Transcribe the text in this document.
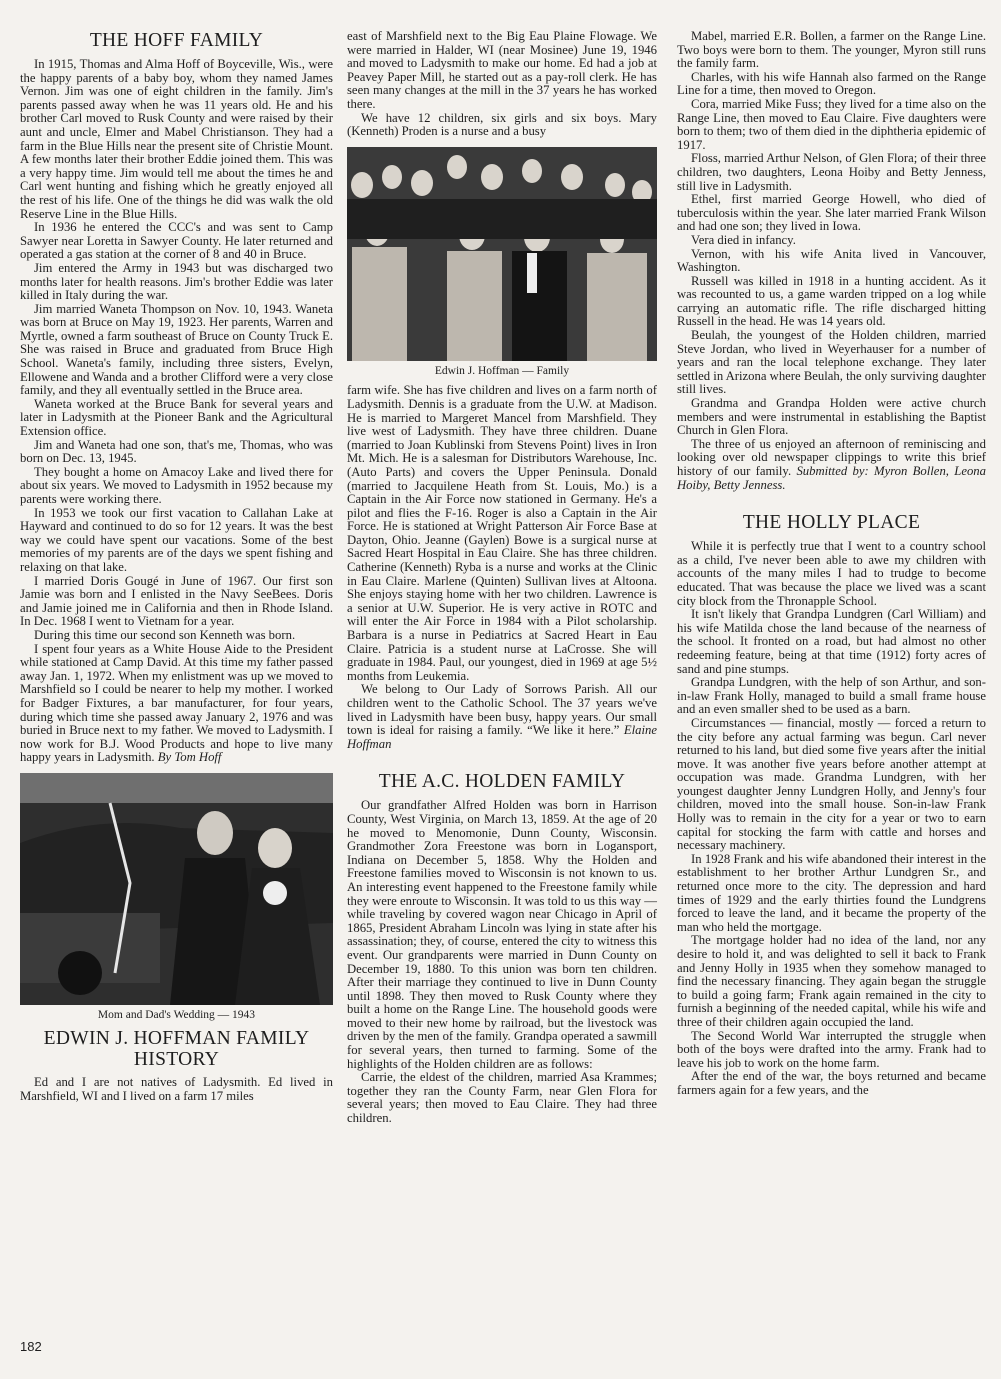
THE HOFF FAMILY

In 1915, Thomas and Alma Hoff of Boyceville, Wis., were the happy parents of a baby boy, whom they named James Vernon. Jim was one of eight children in the family. Jim's parents passed away when he was 11 years old. He and his brother Carl moved to Rusk County and were raised by their aunt and uncle, Elmer and Mabel Christianson. They had a farm in the Blue Hills near the present site of Christie Mount. A few months later their brother Eddie joined them. This was a very happy time. Jim would tell me about the times he and Carl went hunting and fishing which he greatly enjoyed all the rest of his life. One of the things he did was walk the old Reserve Line in the Blue Hills.

In 1936 he entered the CCC's and was sent to Camp Sawyer near Loretta in Sawyer County. He later returned and operated a gas station at the corner of 8 and 40 in Bruce.

Jim entered the Army in 1943 but was discharged two months later for health reasons. Jim's brother Eddie was later killed in Italy during the war.

Jim married Waneta Thompson on Nov. 10, 1943. Waneta was born at Bruce on May 19, 1923. Her parents, Warren and Myrtle, owned a farm southeast of Bruce on County Truck E. She was raised in Bruce and graduated from Bruce High School. Waneta's family, including three sisters, Evelyn, Ellowene and Wanda and a brother Clifford were a very close family, and they all eventually settled in the Bruce area.

Waneta worked at the Bruce Bank for several years and later in Ladysmith at the Pioneer Bank and the Agricultural Extension office.

Jim and Waneta had one son, that's me, Thomas, who was born on Dec. 13, 1945.

They bought a home on Amacoy Lake and lived there for about six years. We moved to Ladysmith in 1952 because my parents were working there.

In 1953 we took our first vacation to Callahan Lake at Hayward and continued to do so for 12 years. It was the best way we could have spent our vacations. Some of the best memories of my parents are of the days we spent fishing and relaxing on that lake.

I married Doris Gougé in June of 1967. Our first son Jamie was born and I enlisted in the Navy SeeBees. Doris and Jamie joined me in California and then in Rhode Island. In Dec. 1968 I went to Vietnam for a year.

During this time our second son Kenneth was born.

I spent four years as a White House Aide to the President while stationed at Camp David. At this time my father passed away Jan. 1, 1972. When my enlistment was up we moved to Marshfield so I could be nearer to help my mother. I worked for Badger Fixtures, a bar manufacturer, for four years, during which time she passed away January 2, 1976 and was buried in Bruce next to my father. We moved to Ladysmith. I now work for B.J. Wood Products and hope to live many happy years in Ladysmith. By Tom Hoff

Mom and Dad's Wedding — 1943
EDWIN J. HOFFMAN FAMILY
HISTORY

Ed and I are not natives of Ladysmith. Ed lived in Marshfield, WI and I lived on a farm 17 miles

east of Marshfield next to the Big Eau Plaine Flowage. We were married in Halder, WI (near Mosinee) June 19, 1946 and moved to Ladysmith to make our home. Ed had a job at Peavey Paper Mill, he started out as a pay-roll clerk. He has seen many changes at the mill in the 37 years he has worked there.

We have 12 children, six girls and six boys. Mary (Kenneth) Proden is a nurse and a busy

Edwin J. Hoffman — Family

farm wife. She has five children and lives on a farm north of Ladysmith. Dennis is a graduate from the U.W. at Madison. He is married to Margeret Mancel from Marshfield. They live west of Ladysmith. They have three children. Duane (married to Joan Kublinski from Stevens Point) lives in Iron Mt. Mich. He is a salesman for Distributors Warehouse, Inc. (Auto Parts) and covers the Upper Peninsula. Donald (married to Jacquilene Heath from St. Louis, Mo.) is a Captain in the Air Force now stationed in Germany. He's a pilot and flies the F-16. Roger is also a Captain in the Air Force. He is stationed at Wright Patterson Air Force Base at Dayton, Ohio. Jeanne (Gaylen) Bowe is a surgical nurse at Sacred Heart Hospital in Eau Claire. She has three children. Catherine (Kenneth) Ryba is a nurse and works at the Clinic in Eau Claire. Marlene (Quinten) Sullivan lives at Altoona. She enjoys staying home with her two children. Lawrence is a senior at U.W. Superior. He is very active in ROTC and will enter the Air Force in 1984 with a Pilot scholarship. Barbara is a nurse in Pediatrics at Sacred Heart in Eau Claire. Patricia is a student nurse at LaCrosse. She will graduate in 1984. Paul, our youngest, died in 1969 at age 5½ months from Leukemia.

We belong to Our Lady of Sorrows Parish. All our children went to the Catholic School. The 37 years we've lived in Ladysmith have been busy, happy years. Our small town is ideal for raising a family. “We like it here.” Elaine Hoffman

THE A.C. HOLDEN FAMILY

Our grandfather Alfred Holden was born in Harrison County, West Virginia, on March 13, 1859. At the age of 20 he moved to Menomonie, Dunn County, Wisconsin. Grandmother Zora Freestone was born in Logansport, Indiana on December 5, 1858. Why the Holden and Freestone families moved to Wisconsin is not known to us. An interesting event happened to the Freestone family while they were enroute to Wisconsin. It was told to us this way — while traveling by covered wagon near Chicago in April of 1865, President Abraham Lincoln was lying in state after his assassination; they, of course, entered the city to witness this event. Our grandparents were married in Dunn County on December 19, 1880. To this union was born ten children. After their marriage they continued to live in Dunn County until 1898. They then moved to Rusk County where they built a home on the Range Line. The household goods were moved to their new home by railroad, but the livestock was driven by the men of the family. Grandpa operated a sawmill for several years, then turned to farming. Some of the highlights of the Holden children are as follows:

Carrie, the eldest of the children, married Asa Krammes; together they ran the County Farm, near Glen Flora for several years; then moved to Eau Claire. They had three children.

Mabel, married E.R. Bollen, a farmer on the Range Line. Two boys were born to them. The younger, Myron still runs the family farm.

Charles, with his wife Hannah also farmed on the Range Line for a time, then moved to Oregon.

Cora, married Mike Fuss; they lived for a time also on the Range Line, then moved to Eau Claire. Five daughters were born to them; two of them died in the diphtheria epidemic of 1917.

Floss, married Arthur Nelson, of Glen Flora; of their three children, two daughters, Leona Hoiby and Betty Jenness, still live in Ladysmith.

Ethel, first married George Howell, who died of tuberculosis within the year. She later married Frank Wilson and had one son; they lived in Iowa.

Vera died in infancy.

Vernon, with his wife Anita lived in Vancouver, Washington.

Russell was killed in 1918 in a hunting accident. As it was recounted to us, a game warden tripped on a log while carrying an automatic rifle. The rifle discharged hitting Russell in the head. He was 14 years old.

Beulah, the youngest of the Holden children, married Steve Jordan, who lived in Weyerhauser for a number of years and ran the local telephone exchange. They later settled in Arizona where Beulah, the only surviving daughter still lives.

Grandma and Grandpa Holden were active church members and were instrumental in establishing the Baptist Church in Glen Flora.

The three of us enjoyed an afternoon of reminiscing and looking over old newspaper clippings to write this brief history of our family. Submitted by: Myron Bollen, Leona Hoiby, Betty Jenness.

THE HOLLY PLACE

While it is perfectly true that I went to a country school as a child, I've never been able to awe my children with accounts of the many miles I had to trudge to become educated. That was because the place we lived was a scant city block from the Thronapple School.

It isn't likely that Grandpa Lundgren (Carl William) and his wife Matilda chose the land because of the nearness of the school. It fronted on a road, but had almost no other redeeming feature, being at that time (1912) forty acres of sand and pine stumps.

Grandpa Lundgren, with the help of son Arthur, and son-in-law Frank Holly, managed to build a small frame house and an even smaller shed to be used as a barn.

Circumstances — financial, mostly — forced a return to the city before any actual farming was begun. Carl never returned to his land, but died some five years after the initial move. It was another five years before another attempt at occupation was made. Grandma Lundgren, with her youngest daughter Jenny Lundgren Holly, and Jenny's four children, moved into the small house. Son-in-law Frank Holly was to remain in the city for a year or two to earn capital for stocking the farm with cattle and horses and necessary machinery.

In 1928 Frank and his wife abandoned their interest in the establishment to her brother Arthur Lundgren Sr., and returned once more to the city. The depression and hard times of 1929 and the early thirties found the Lundgrens forced to leave the land, and it became the property of the man who held the mortgage.

The mortgage holder had no idea of the land, nor any desire to hold it, and was delighted to sell it back to Frank and Jenny Holly in 1935 when they somehow managed to find the necessary financing. They again began the struggle to build a going farm; Frank again remained in the city to furnish a beginning of the needed capital, while his wife and three of their children again occupied the land.

The Second World War interrupted the struggle when both of the boys were drafted into the army. Frank had to leave his job to work on the home farm.

After the end of the war, the boys returned and became farmers again for a few years, and the

182
